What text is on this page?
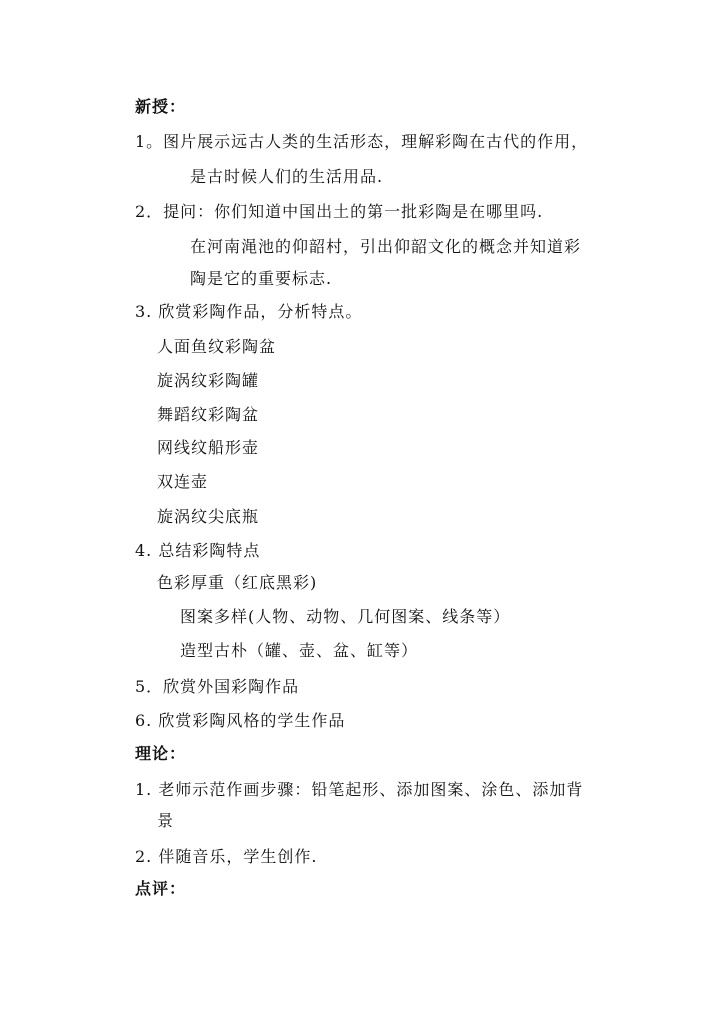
新授：
1。图片展示远古人类的生活形态，理解彩陶在古代的作用，
是古时候人们的生活用品.
2．提问：你们知道中国出土的第一批彩陶是在哪里吗.
在河南渑池的仰韶村，引出仰韶文化的概念并知道彩
陶是它的重要标志.
3. 欣赏彩陶作品，分析特点。
人面鱼纹彩陶盆
旋涡纹彩陶罐
舞蹈纹彩陶盆
网线纹船形壶
双连壶
旋涡纹尖底瓶
4. 总结彩陶特点
色彩厚重（红底黑彩)
图案多样(人物、动物、几何图案、线条等）
造型古朴（罐、壶、盆、缸等）
5．欣赏外国彩陶作品
6. 欣赏彩陶风格的学生作品
理论：
1. 老师示范作画步骤：铅笔起形、添加图案、涂色、添加背
景
2. 伴随音乐，学生创作.
点评：
